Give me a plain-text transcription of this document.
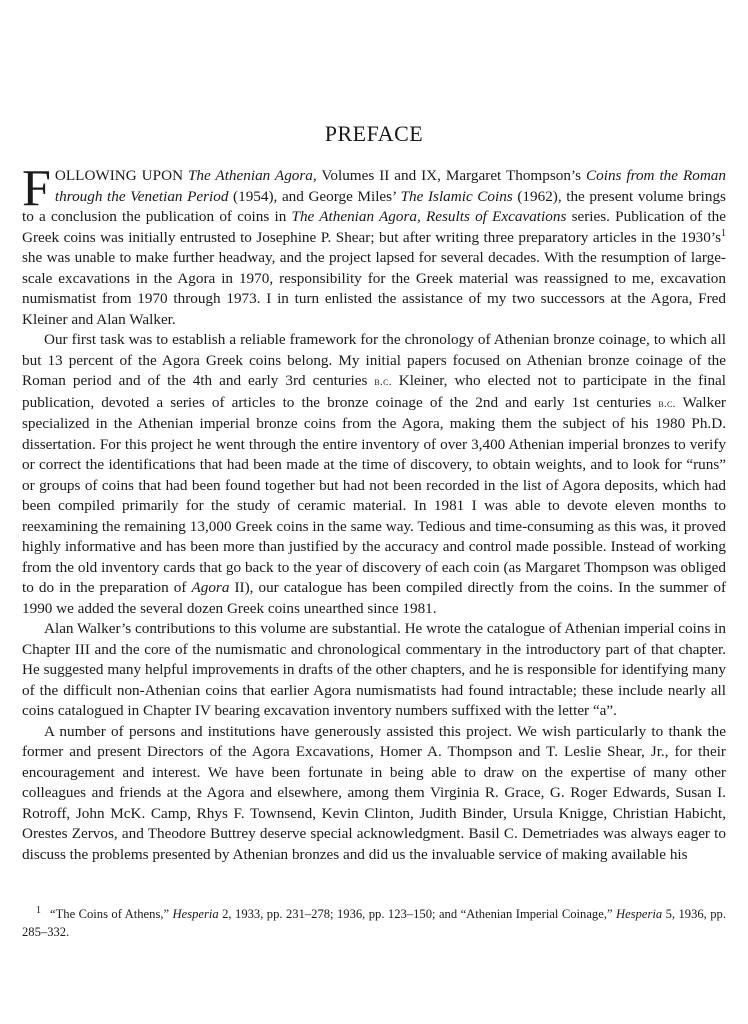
PREFACE

FOLLOWING UPON The Athenian Agora, Volumes II and IX, Margaret Thompson’s Coins from the Roman through the Venetian Period (1954), and George Miles’ The Islamic Coins (1962), the present volume brings to a conclusion the publication of coins in The Athenian Agora, Results of Excavations series. Publication of the Greek coins was initially entrusted to Josephine P. Shear; but after writing three preparatory articles in the $1930’s^1$ she was unable to make further headway, and the project lapsed for several decades. With the resumption of large-scale excavations in the Agora in 1970, responsibility for the Greek material was reassigned to me, excavation numismatist from 1970 through 1973. I in turn enlisted the assistance of my two successors at the Agora, Fred Kleiner and Alan Walker.

Our first task was to establish a reliable framework for the chronology of Athenian bronze coinage, to which all but 13 percent of the Agora Greek coins belong. My initial papers focused on Athenian bronze coinage of the Roman period and of the 4th and early 3rd centuries b.c. Kleiner, who elected not to participate in the final publication, devoted a series of articles to the bronze coinage of the 2nd and early 1st centuries b.c. Walker specialized in the Athenian imperial bronze coins from the Agora, making them the subject of his 1980 Ph.D. dissertation. For this project he went through the entire inventory of over 3,400 Athenian imperial bronzes to verify or correct the identifications that had been made at the time of discovery, to obtain weights, and to look for “runs” or groups of coins that had been found together but had not been recorded in the list of Agora deposits, which had been compiled primarily for the study of ceramic material. In 1981 I was able to devote eleven months to reexamining the remaining 13,000 Greek coins in the same way. Tedious and time-consuming as this was, it proved highly informative and has been more than justified by the accuracy and control made possible. Instead of working from the old inventory cards that go back to the year of discovery of each coin (as Margaret Thompson was obliged to do in the preparation of Agora II), our catalogue has been compiled directly from the coins. In the summer of 1990 we added the several dozen Greek coins unearthed since 1981.

Alan Walker’s contributions to this volume are substantial. He wrote the catalogue of Athenian imperial coins in Chapter III and the core of the numismatic and chronological commentary in the introductory part of that chapter. He suggested many helpful improvements in drafts of the other chapters, and he is responsible for identifying many of the difficult non-Athenian coins that earlier Agora numismatists had found intractable; these include nearly all coins catalogued in Chapter IV bearing excavation inventory numbers suffixed with the letter “a”.

A number of persons and institutions have generously assisted this project. We wish particularly to thank the former and present Directors of the Agora Excavations, Homer A. Thompson and T. Leslie Shear, Jr., for their encouragement and interest. We have been fortunate in being able to draw on the expertise of many other colleagues and friends at the Agora and elsewhere, among them Virginia R. Grace, G. Roger Edwards, Susan I. Rotroff, John McK. Camp, Rhys F. Townsend, Kevin Clinton, Judith Binder, Ursula Knigge, Christian Habicht, Orestes Zervos, and Theodore Buttrey deserve special acknowledgment. Basil C. Demetriades was always eager to discuss the problems presented by Athenian bronzes and did us the invaluable service of making available his

$^1$ “The Coins of Athens,” Hesperia 2, 1933, pp. 231–278; 1936, pp. 123–150; and “Athenian Imperial Coinage,” Hesperia 5, 1936, pp. 285–332.
